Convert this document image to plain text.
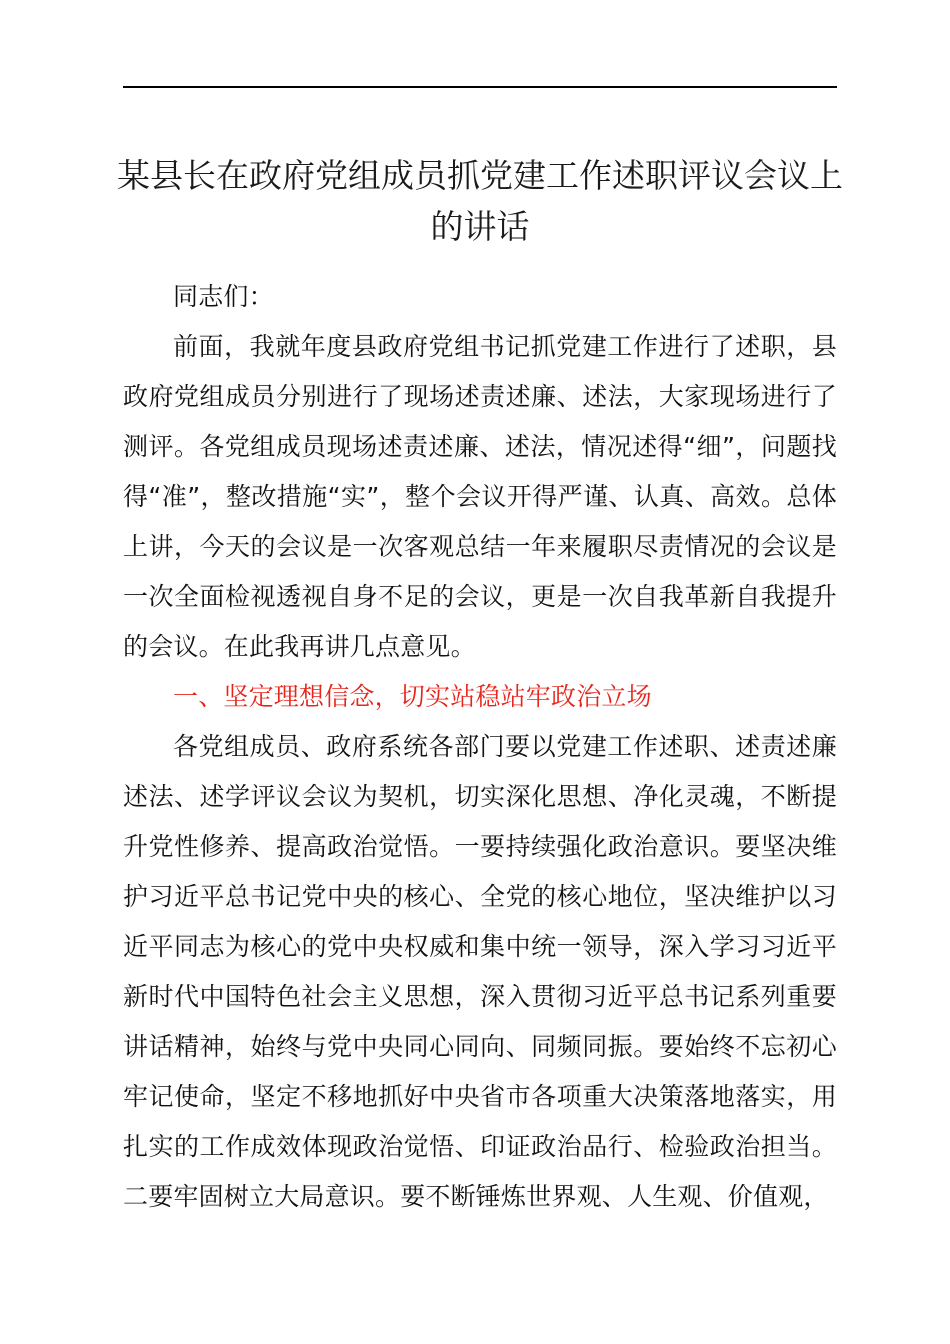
某县长在政府党组成员抓党建工作述职评议会议上的讲话

同志们：

前面，我就年度县政府党组书记抓党建工作进行了述职，县政府党组成员分别进行了现场述责述廉、述法，大家现场进行了测评。各党组成员现场述责述廉、述法，情况述得“细”，问题找得“准”，整改措施“实”，整个会议开得严谨、认真、高效。总体上讲，今天的会议是一次客观总结一年来履职尽责情况的会议是一次全面检视透视自身不足的会议，更是一次自我革新自我提升的会议。在此我再讲几点意见。

一、坚定理想信念，切实站稳站牢政治立场

各党组成员、政府系统各部门要以党建工作述职、述责述廉述法、述学评议会议为契机，切实深化思想、净化灵魂，不断提升党性修养、提高政治觉悟。一要持续强化政治意识。要坚决维护习近平总书记党中央的核心、全党的核心地位，坚决维护以习近平同志为核心的党中央权威和集中统一领导，深入学习习近平新时代中国特色社会主义思想，深入贯彻习近平总书记系列重要讲话精神，始终与党中央同心同向、同频同振。要始终不忘初心牢记使命，坚定不移地抓好中央省市各项重大决策落地落实，用扎实的工作成效体现政治觉悟、印证政治品行、检验政治担当。二要牢固树立大局意识。要不断锤炼世界观、人生观、价值观，
